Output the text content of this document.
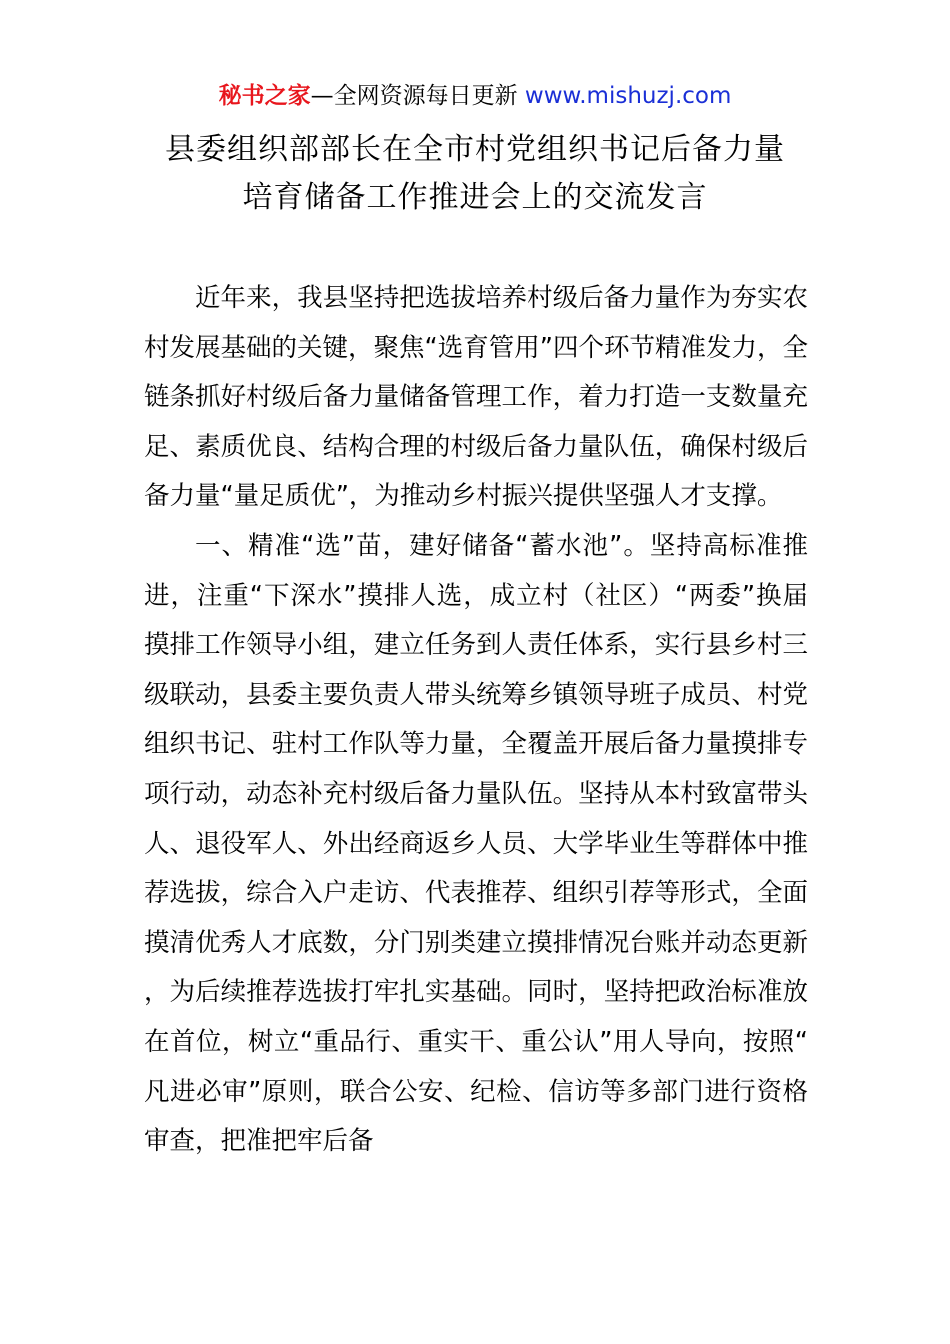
秘书之家—全网资源每日更新 www.mishuzj.com
县委组织部部长在全市村党组织书记后备力量
培育储备工作推进会上的交流发言

近年来，我县坚持把选拔培养村级后备力量作为夯实农村发展基础的关键，聚焦“选育管用”四个环节精准发力，全链条抓好村级后备力量储备管理工作，着力打造一支数量充足、素质优良、结构合理的村级后备力量队伍，确保村级后备力量“量足质优”，为推动乡村振兴提供坚强人才支撑。

一、精准“选”苗，建好储备“蓄水池”。坚持高标准推进，注重“下深水”摸排人选，成立村（社区）“两委”换届摸排工作领导小组，建立任务到人责任体系，实行县乡村三级联动，县委主要负责人带头统筹乡镇领导班子成员、村党组织书记、驻村工作队等力量，全覆盖开展后备力量摸排专项行动，动态补充村级后备力量队伍。坚持从本村致富带头人、退役军人、外出经商返乡人员、大学毕业生等群体中推荐选拔，综合入户走访、代表推荐、组织引荐等形式，全面摸清优秀人才底数，分门别类建立摸排情况台账并动态更新，为后续推荐选拔打牢扎实基础。同时，坚持把政治标准放在首位，树立“重品行、重实干、重公认”用人导向，按照“凡进必审”原则，联合公安、纪检、信访等多部门进行资格审查，把准把牢后备
